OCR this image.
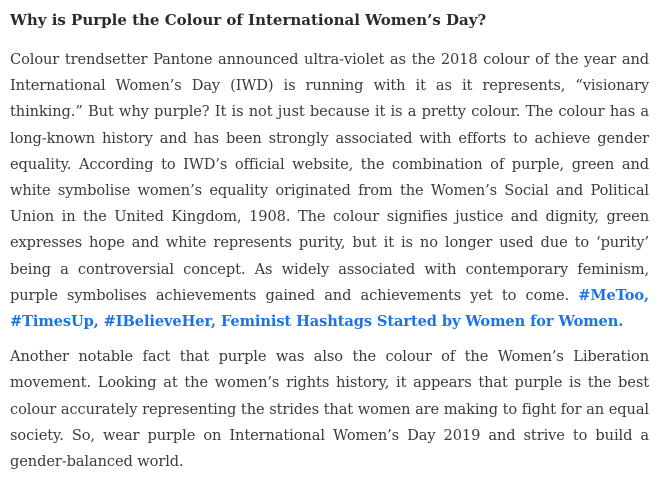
Why is Purple the Colour of International Women’s Day?

Colour trendsetter Pantone announced ultra-violet as the 2018 colour of the year and International Women’s Day (IWD) is running with it as it represents, “visionary thinking.” But why purple? It is not just because it is a pretty colour. The colour has a long-known history and has been strongly associated with efforts to achieve gender equality. According to IWD’s official website, the combination of purple, green and white symbolise women’s equality originated from the Women’s Social and Political Union in the United Kingdom, 1908. The colour signifies justice and dignity, green expresses hope and white represents purity, but it is no longer used due to ‘purity’ being a controversial concept. As widely associated with contemporary feminism, purple symbolises achievements gained and achievements yet to come. #MeToo, #TimesUp, #IBelieveHer, Feminist Hashtags Started by Women for Women.

Another notable fact that purple was also the colour of the Women’s Liberation movement. Looking at the women’s rights history, it appears that purple is the best colour accurately representing the strides that women are making to fight for an equal society. So, wear purple on International Women’s Day 2019 and strive to build a gender-balanced world.
